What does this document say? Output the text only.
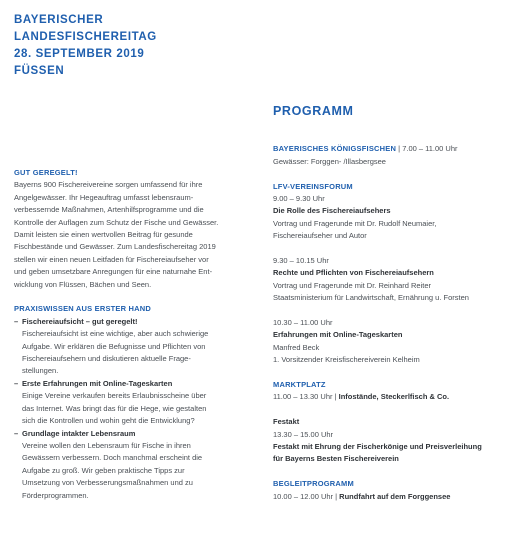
BAYERISCHER
LANDESFISCHEREITAG
28. SEPTEMBER 2019
FÜSSEN
GUT GEREGELT!
Bayerns 900 Fischereivereine sorgen umfassend für ihre
Angelgewässer. Ihr Hegeauftrag umfasst lebensraum-
verbessernde Maßnahmen, Artenhilfsprogramme und die
Kontrolle der Auflagen zum Schutz der Fische und Gewässer.
Damit leisten sie einen wertvollen Beitrag für gesunde
Fischbestände und Gewässer. Zum Landesfischereitag 2019
stellen wir einen neuen Leitfaden für Fischereiaufseher vor
und geben umsetzbare Anregungen für eine naturnahe Ent-
wicklung von Flüssen, Bächen und Seen.
PRAXISWISSEN AUS ERSTER HAND
– Fischereiaufsicht – gut geregelt!
Fischereiaufsicht ist eine wichtige, aber auch schwierige
Aufgabe. Wir erklären die Befugnisse und Pflichten von
Fischereiaufsehern und diskutieren aktuelle Frage-
stellungen.
– Erste Erfahrungen mit Online-Tageskarten
Einige Vereine verkaufen bereits Erlaubnisscheine über
das Internet. Was bringt das für die Hege, wie gestalten
sich die Kontrollen und wohin geht die Entwicklung?
– Grundlage intakter Lebensraum
Vereine wollen den Lebensraum für Fische in ihren
Gewässern verbessern. Doch manchmal erscheint die
Aufgabe zu groß. Wir geben praktische Tipps zur
Umsetzung von Verbesserungsmaßnahmen und zu
Förderprogrammen.
PROGRAMM
BAYERISCHES KÖNIGSFISCHEN | 7.00 – 11.00 Uhr
Gewässer: Forggen- /Illasbergsee
LFV-VEREINSFORUM
9.00 – 9.30 Uhr
Die Rolle des Fischereiaufsehers
Vortrag und Fragerunde mit Dr. Rudolf Neumaier,
Fischereiaufseher und Autor
9.30 – 10.15 Uhr
Rechte und Pflichten von Fischereiaufsehern
Vortrag und Fragerunde mit Dr. Reinhard Reiter
Staatsministerium für Landwirtschaft, Ernährung u. Forsten
10.30 – 11.00 Uhr
Erfahrungen mit Online-Tageskarten
Manfred Beck
1. Vorsitzender Kreisfischereiverein Kelheim
MARKTPLATZ
11.00 – 13.30 Uhr | Infostände, Steckerlfisch & Co.
Festakt
13.30 – 15.00 Uhr
Festakt mit Ehrung der Fischerkönige und Preisverleihung
für Bayerns Besten Fischereiverein
BEGLEITPROGRAMM
10.00 – 12.00 Uhr | Rundfahrt auf dem Forggensee
